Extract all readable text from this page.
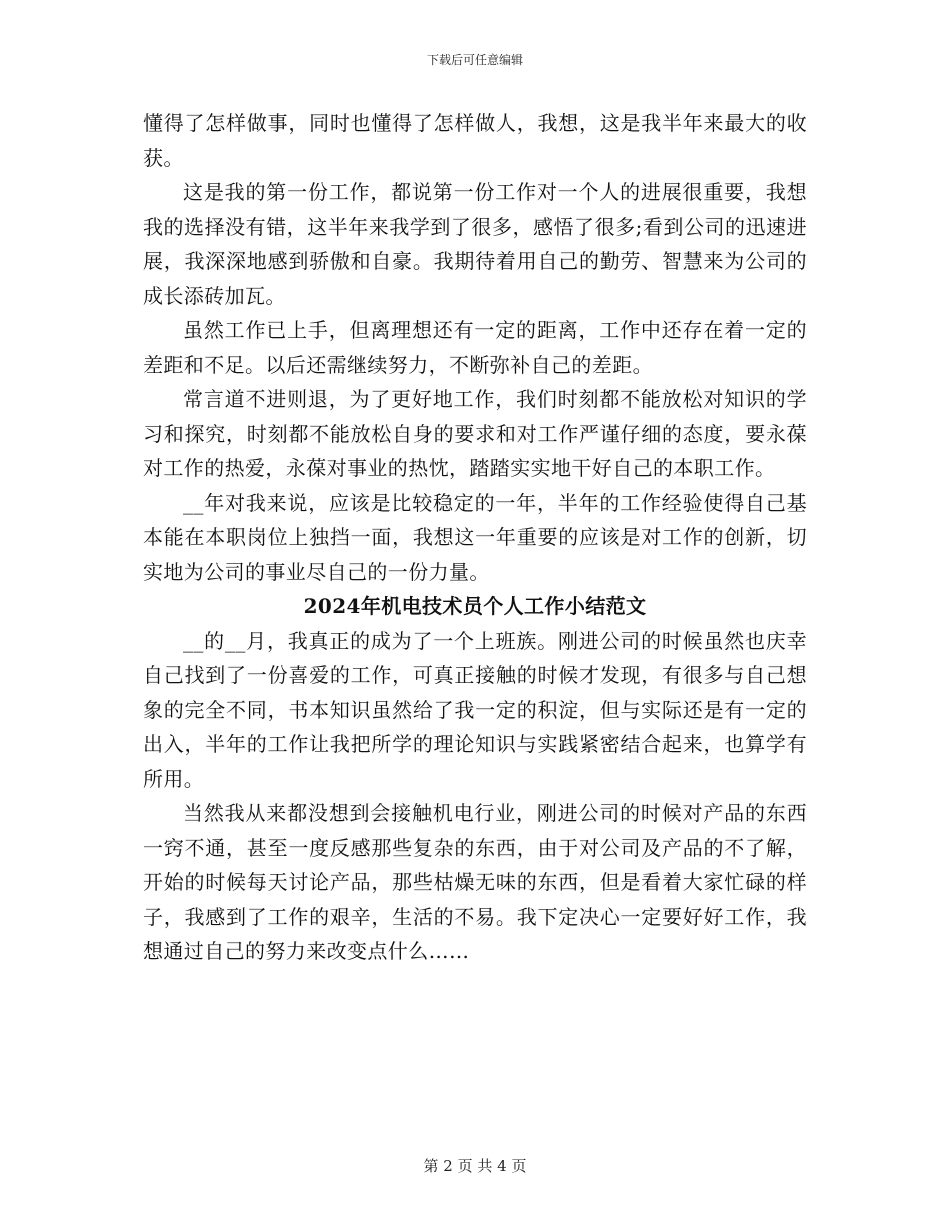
下载后可任意编辑

懂得了怎样做事，同时也懂得了怎样做人，我想，这是我半年来最大的收获。

这是我的第一份工作，都说第一份工作对一个人的进展很重要，我想我的选择没有错，这半年来我学到了很多，感悟了很多;看到公司的迅速进展，我深深地感到骄傲和自豪。我期待着用自己的勤劳、智慧来为公司的成长添砖加瓦。

虽然工作已上手，但离理想还有一定的距离，工作中还存在着一定的差距和不足。以后还需继续努力，不断弥补自己的差距。

常言道不进则退，为了更好地工作，我们时刻都不能放松对知识的学习和探究，时刻都不能放松自身的要求和对工作严谨仔细的态度，要永葆对工作的热爱，永葆对事业的热忱，踏踏实实地干好自己的本职工作。

__年对我来说，应该是比较稳定的一年，半年的工作经验使得自己基本能在本职岗位上独挡一面，我想这一年重要的应该是对工作的创新，切实地为公司的事业尽自己的一份力量。

2024年机电技术员个人工作小结范文

__的__月，我真正的成为了一个上班族。刚进公司的时候虽然也庆幸自己找到了一份喜爱的工作，可真正接触的时候才发现，有很多与自己想象的完全不同，书本知识虽然给了我一定的积淀，但与实际还是有一定的出入，半年的工作让我把所学的理论知识与实践紧密结合起来，也算学有所用。

当然我从来都没想到会接触机电行业，刚进公司的时候对产品的东西一窍不通，甚至一度反感那些复杂的东西，由于对公司及产品的不了解，开始的时候每天讨论产品，那些枯燥无味的东西，但是看着大家忙碌的样子，我感到了工作的艰辛，生活的不易。我下定决心一定要好好工作，我想通过自己的努力来改变点什么……

第 2 页 共 4 页
